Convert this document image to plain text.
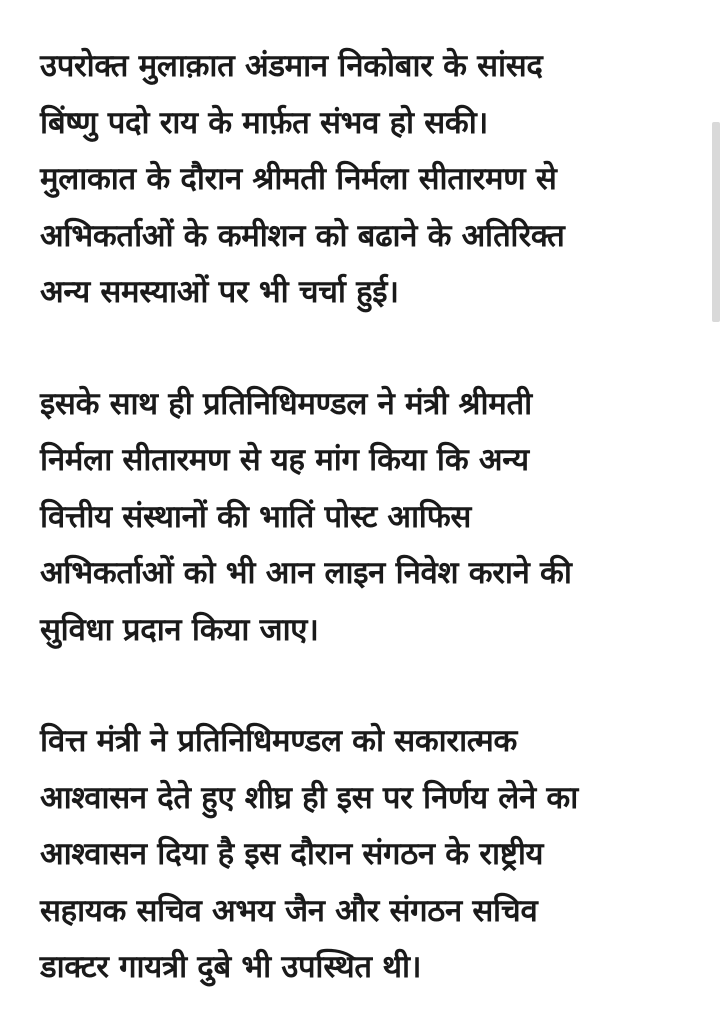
उपरोक्त मुलाक़ात अंडमान निकोबार के सांसद
बिंष्णु पदो राय के मार्फ़त संभव हो सकी।
मुलाकात के दौरान श्रीमती निर्मला सीतारमण से
अभिकर्ताओं के कमीशन को बढाने के अतिरिक्त
अन्य समस्याओं पर भी चर्चा हुई।

इसके साथ ही प्रतिनिधिमण्डल ने मंत्री श्रीमती
निर्मला सीतारमण से यह मांग किया कि अन्य
वित्तीय संस्थानों की भातिं पोस्ट आफिस
अभिकर्ताओं को भी आन लाइन निवेश कराने की
सुविधा प्रदान किया जाए।

वित्त मंत्री ने प्रतिनिधिमण्डल को सकारात्मक
आश्वासन देते हुए शीघ्र ही इस पर निर्णय लेने का
आश्वासन दिया है इस दौरान संगठन के राष्ट्रीय
सहायक सचिव अभय जैन और संगठन सचिव
डाक्टर गायत्री दुबे भी उपस्थित थी।
